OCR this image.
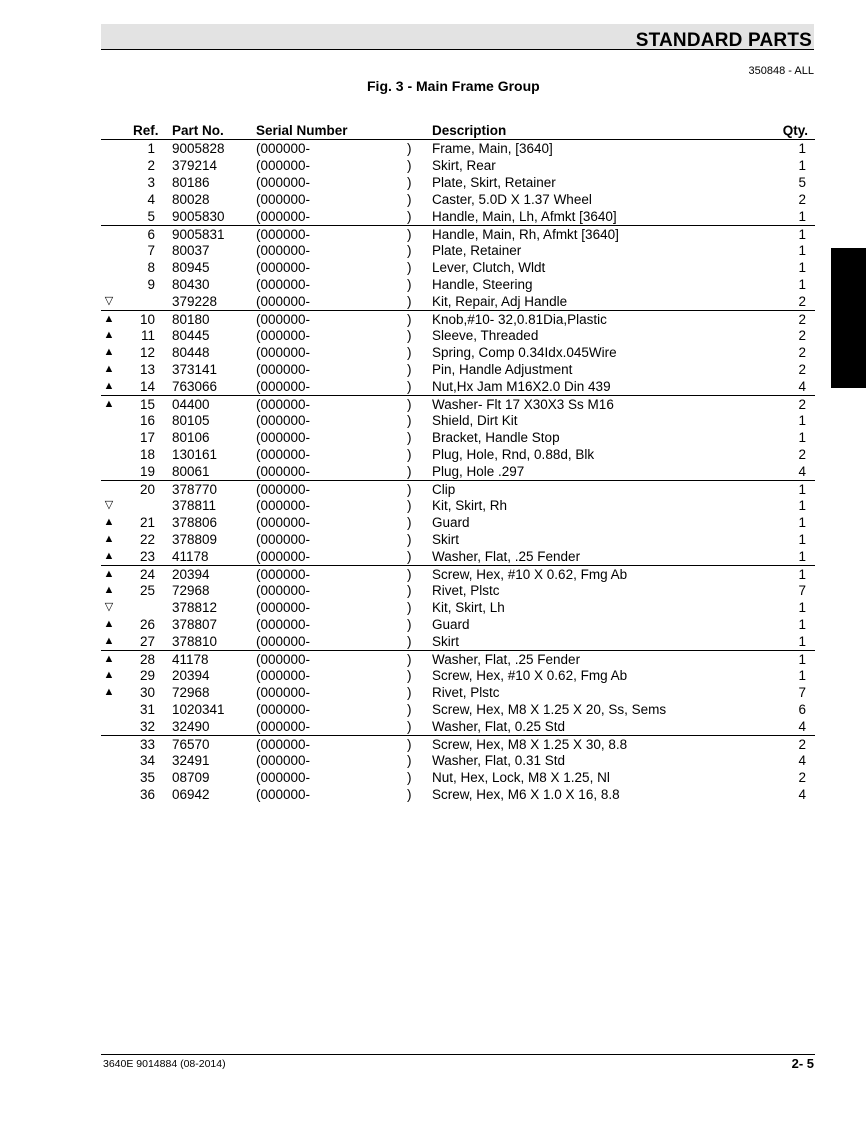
STANDARD PARTS
350848 - ALL
Fig. 3 - Main Frame Group
Ref. Part No. Serial Number	Description	Qty.
1 9005828 (000000-	) Frame, Main, [3640]	1
2 379214	(000000-	) Skirt, Rear	1
3 80186	(000000-	) Plate, Skirt, Retainer	5
4 80028	(000000-	) Caster, 5.0D X 1.37 Wheel	2
5 9005830 (000000-	) Handle, Main, Lh, Afmkt [3640]	1
6 9005831 (000000-	) Handle, Main, Rh, Afmkt [3640]	1
7 80037	(000000-	) Plate, Retainer	1
8 80945	(000000-	) Lever, Clutch, Wldt	1
9 80430	(000000-	) Handle, Steering	1
▽	379228	(000000-	) Kit, Repair, Adj Handle	2
▲	10 80180	(000000-	) Knob,#10- 32,0.81Dia,Plastic	2
▲	11 80445	(000000-	) Sleeve, Threaded	2
▲	12 80448	(000000-	) Spring, Comp 0.34Idx.045Wire	2
▲	13 373141	(000000-	) Pin, Handle Adjustment	2
▲	14 763066	(000000-	) Nut,Hx Jam M16X2.0 Din 439	4
▲	15 04400	(000000-	) Washer- Flt 17 X30X3 Ss M16	2
16 80105	(000000-	) Shield, Dirt Kit	1
17 80106	(000000-	) Bracket, Handle Stop	1
18 130161	(000000-	) Plug, Hole, Rnd, 0.88d, Blk	2
19 80061	(000000-	) Plug, Hole .297	4
20 378770	(000000-	) Clip	1
▽	378811	(000000-	) Kit, Skirt, Rh	1
▲	21 378806	(000000-	) Guard	1
▲	22 378809	(000000-	) Skirt	1
▲	23 41178	(000000-	) Washer, Flat, .25 Fender	1
▲	24 20394	(000000-	) Screw, Hex, #10 X 0.62, Fmg Ab	1
▲	25 72968	(000000-	) Rivet, Plstc	7
▽	378812	(000000-	) Kit, Skirt, Lh	1
▲	26 378807	(000000-	) Guard	1
▲	27 378810	(000000-	) Skirt	1
▲	28 41178	(000000-	) Washer, Flat, .25 Fender	1
▲	29 20394	(000000-	) Screw, Hex, #10 X 0.62, Fmg Ab	1
▲	30 72968	(000000-	) Rivet, Plstc	7
31 1020341 (000000-	) Screw, Hex, M8 X 1.25 X 20, Ss, Sems	6
32 32490	(000000-	) Washer, Flat, 0.25 Std	4
33 76570	(000000-	) Screw, Hex, M8 X 1.25 X 30, 8.8	2
34 32491	(000000-	) Washer, Flat, 0.31 Std	4
35 08709	(000000-	) Nut, Hex, Lock, M8 X 1.25, Nl	2
36 06942	(000000-	) Screw, Hex, M6 X 1.0 X 16, 8.8	4
3640E 9014884 (08-2014)	2- 5
